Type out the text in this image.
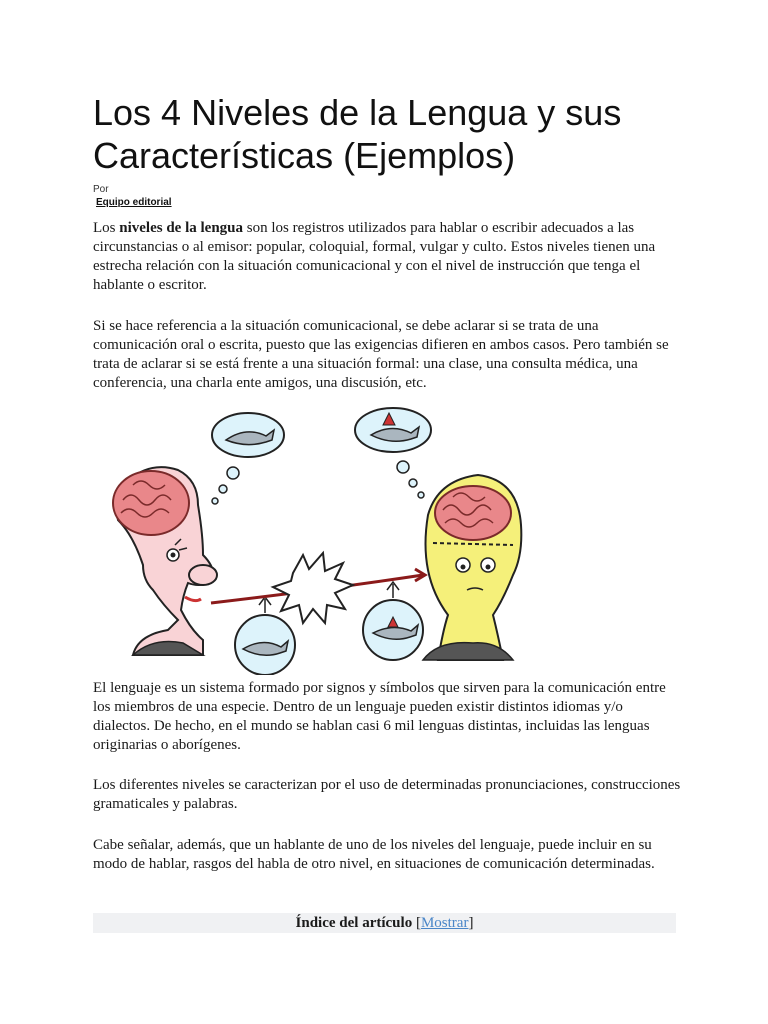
Los 4 Niveles de la Lengua y sus Características (Ejemplos)
Por
Equipo editorial

Los niveles de la lengua son los registros utilizados para hablar o escribir adecuados a las circunstancias o al emisor: popular, coloquial, formal, vulgar y culto. Estos niveles tienen una estrecha relación con la situación comunicacional y con el nivel de instrucción que tenga el hablante o escritor.

Si se hace referencia a la situación comunicacional, se debe aclarar si se trata de una comunicación oral o escrita, puesto que las exigencias difieren en ambos casos. Pero también se trata de aclarar si se está frente a una situación formal: una clase, una consulta médica, una conferencia, una charla ente amigos, una discusión, etc.

El lenguaje es un sistema formado por signos y símbolos que sirven para la comunicación entre los miembros de una especie. Dentro de un lenguaje pueden existir distintos idiomas y/o dialectos. De hecho, en el mundo se hablan casi 6 mil lenguas distintas, incluidas las lenguas originarias o aborígenes.

Los diferentes niveles se caracterizan por el uso de determinadas pronunciaciones, construcciones gramaticales y palabras.

Cabe señalar, además, que un hablante de uno de los niveles del lenguaje, puede incluir en su modo de hablar, rasgos del habla de otro nivel, en situaciones de comunicación determinadas.

Índice del artículo [Mostrar]
